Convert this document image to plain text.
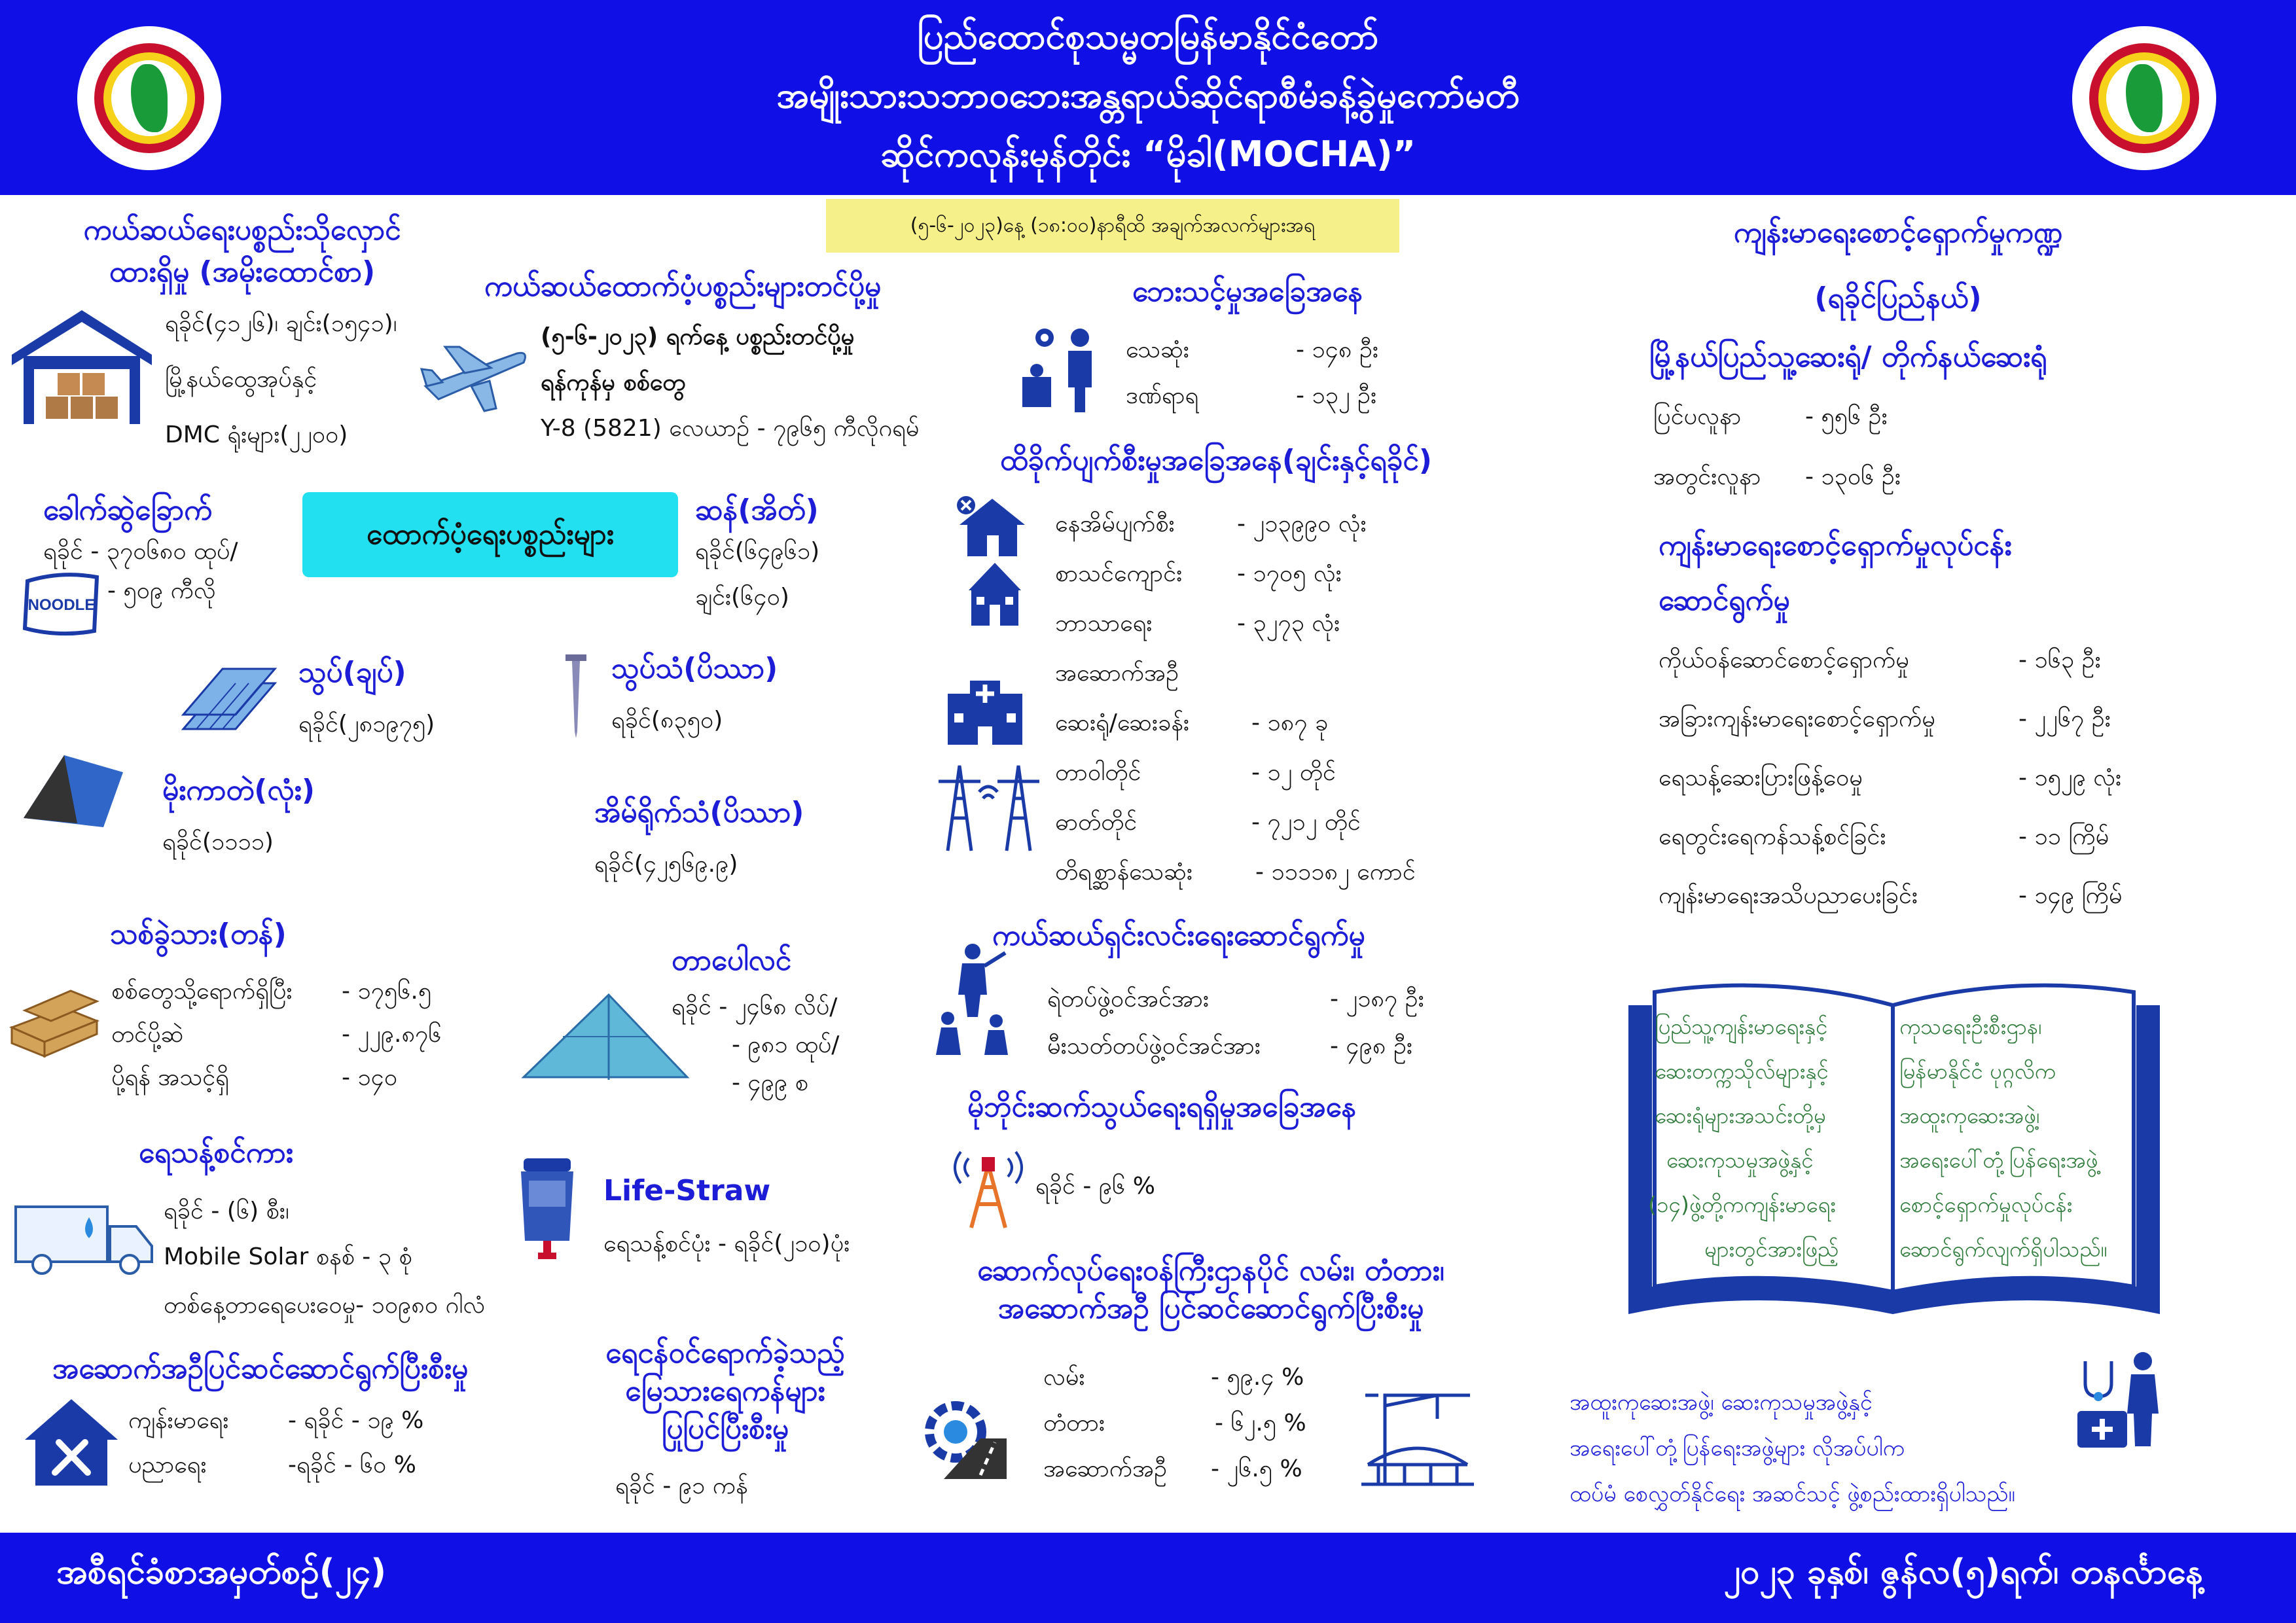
ပြည်ထောင်စုသမ္မတမြန်မာနိုင်ငံတော်
အမျိုးသားသဘာဝဘေးအန္တရာယ်ဆိုင်ရာစီမံခန့်ခွဲမှုကော်မတီ
ဆိုင်ကလုန်းမုန်တိုင်း “မိုခါ(MOCHA)”
(၅-၆-၂၀၂၃)နေ့ (၁၈:၀၀)နာရီထိ အချက်အလက်များအရ
ကယ်ဆယ်ရေးပစ္စည်းသိုလှောင်
ထားရှိမှု (အမိုးထောင်စာ)
ရခိုင်(၄၁၂၆)၊ ချင်း(၁၅၄၁)၊
မြို့နယ်ထွေအုပ်နှင့်
DMC ရုံးများ(၂၂၀၀)
ကယ်ဆယ်ထောက်ပံ့ပစ္စည်းများတင်ပို့မှု
(၅-၆-၂၀၂၃) ရက်နေ့ ပစ္စည်းတင်ပို့မှု
ရန်ကုန်မှ စစ်တွေ
Y-8 (5821) လေယာဉ် - ၇၉၆၅ ကီလိုဂရမ်
ထောက်ပံ့ရေးပစ္စည်းများ
ခေါက်ဆွဲခြောက်
ရခိုင် - ၃၇၀၆၈၀ ထုပ်/
NOODLE
- ၅၀၉ ကီလို
ဆန်(အိတ်)
ရခိုင်(၆၄၉၆၁)
ချင်း(၆၄၀)
သွပ်(ချပ်)
ရခိုင်(၂၈၁၉၇၅)
သွပ်သံ(ပိဿာ)
ရခိုင်(၈၃၅၀)
မိုးကာတဲ(လုံး)
ရခိုင်(၁၁၁၁)
အိမ်ရိုက်သံ(ပိဿာ)
ရခိုင်(၄၂၅၆၉.၉)
သစ်ခွဲသား(တန်)
စစ်တွေသို့ရောက်ရှိပြီး - ၁၇၅၆.၅
တင်ပို့ဆဲ	- ၂၂၉.၈၇၆
ပို့ရန် အသင့်ရှိ	- ၁၄၀
တာပေါလင်
ရခိုင် - ၂၄၆၈ လိပ်/
- ၉၈၁ ထုပ်/
- ၄၉၉ စ
ရေသန့်စင်ကား
ရခိုင် - (၆) စီး၊
Mobile Solar စနစ် - ၃ စုံ
တစ်နေ့တာရေပေးဝေမှု- ၁၀၉၈၀ ဂါလံ
Life-Straw
ရေသန့်စင်ပုံး - ရခိုင်(၂၁၀)ပုံး
အဆောက်အဦပြင်ဆင်ဆောင်ရွက်ပြီးစီးမှု
ကျန်းမာရေး	- ရခိုင် - ၁၉ %
ပညာရေး	-ရခိုင် - ၆၀ %
ရေငန်ဝင်ရောက်ခဲ့သည့်
မြေသားရေကန်များ
ပြုပြင်ပြီးစီးမှု
ရခိုင် - ၉၁ ကန်
ဘေးသင့်မှုအခြေအနေ
သေဆုံး	- ၁၄၈ ဦး
ဒဏ်ရာရ	- ၁၃၂ ဦး
ထိခိုက်ပျက်စီးမှုအခြေအနေ(ချင်းနှင့်ရခိုင်)
နေအိမ်ပျက်စီး	- ၂၁၃၉၉၀ လုံး
စာသင်ကျောင်း - ၁၇၀၅ လုံး
ဘာသာရေး	- ၃၂၇၃ လုံး
အဆောက်အဦ
ဆေးရုံ/ဆေးခန်း	- ၁၈၇ ခု
တာဝါတိုင်	- ၁၂ တိုင်
ဓာတ်တိုင်	- ၇၂၁၂ တိုင်
တိရစ္ဆာန်သေဆုံး	- ၁၁၁၁၈၂ ကောင်
ကယ်ဆယ်ရှင်းလင်းရေးဆောင်ရွက်မှု
ရဲတပ်ဖွဲ့ဝင်အင်အား	- ၂၁၈၇ ဦး
မီးသတ်တပ်ဖွဲ့ဝင်အင်အား	- ၄၉၈ ဦး
မိုဘိုင်းဆက်သွယ်ရေးရရှိမှုအခြေအနေ
ရခိုင် - ၉၆ %
ဆောက်လုပ်ရေးဝန်ကြီးဌာနပိုင် လမ်း၊ တံတား၊
အဆောက်အဦ ပြင်ဆင်ဆောင်ရွက်ပြီးစီးမှု
လမ်း	- ၅၉.၄ %
တံတား	- ၆၂.၅ %
အဆောက်အဦ - ၂၆.၅ %
ကျန်းမာရေးစောင့်ရှောက်မှုကဏ္ဍ
(ရခိုင်ပြည်နယ်)
မြို့နယ်ပြည်သူ့ဆေးရုံ/ တိုက်နယ်ဆေးရုံ
ပြင်ပလူနာ	- ၅၅၆ ဦး
အတွင်းလူနာ - ၁၃၀၆ ဦး
ကျန်းမာရေးစောင့်ရှောက်မှုလုပ်ငန်း
ဆောင်ရွက်မှု
ကိုယ်ဝန်ဆောင်စောင့်ရှောက်မှု	- ၁၆၃ ဦး
အခြားကျန်းမာရေးစောင့်ရှောက်မှု	- ၂၂၆၇ ဦး
ရေသန့်ဆေးပြားဖြန့်ဝေမှု	- ၁၅၂၉ လုံး
ရေတွင်းရေကန်သန့်စင်ခြင်း	- ၁၁ ကြိမ်
ကျန်းမာရေးအသိပညာပေးခြင်း	- ၁၄၉ ကြိမ်
ပြည်သူ့ကျန်းမာရေးနှင့်
ဆေးတက္ကသိုလ်များနှင့်
ဆေးရုံများအသင်းတို့မှ
ဆေးကုသမှုအဖွဲ့နှင့်
(၁၄)ဖွဲ့တို့ကကျန်းမာရေး
များတွင်အားဖြည့်
ကုသရေးဦးစီးဌာန၊
မြန်မာနိုင်ငံ ပုဂ္ဂလိက
အထူးကုဆေးအဖွဲ့၊
အရေးပေါ်တုံ့ပြန်ရေးအဖွဲ့
စောင့်ရှောက်မှုလုပ်ငန်း
ဆောင်ရွက်လျက်ရှိပါသည်။
အထူးကုဆေးအဖွဲ့၊ ဆေးကုသမှုအဖွဲ့နှင့်
အရေးပေါ်တုံ့ပြန်ရေးအဖွဲ့များ လိုအပ်ပါက
ထပ်မံ စေလွှတ်နိုင်ရေး အဆင်သင့် ဖွဲ့စည်းထားရှိပါသည်။
အစီရင်ခံစာအမှတ်စဉ်(၂၄)	၂၀၂၃ ခုနှစ်၊ ဇွန်လ(၅)ရက်၊ တနင်္လာနေ့
